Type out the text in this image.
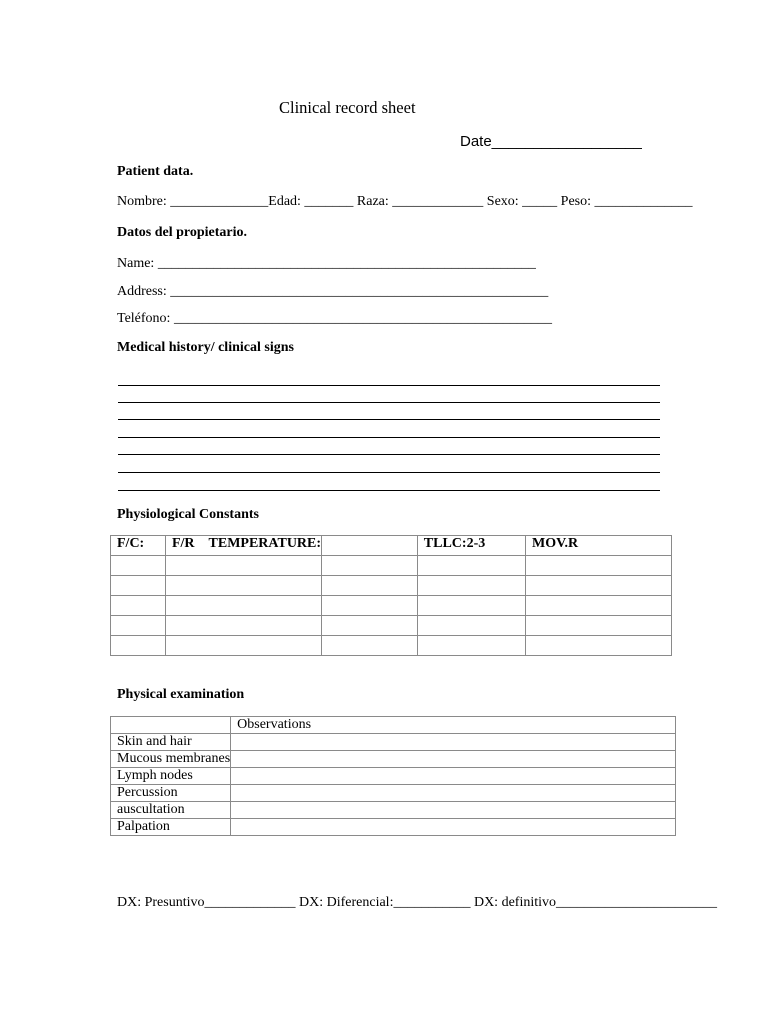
Clinical record sheet
Date__________________
Patient data.
Nombre: ______________Edad: _______ Raza: _____________ Sexo: _____ Peso: ______________
Datos del propietario.
Name: ______________________________________________________
Address: ______________________________________________________
Teléfono: ______________________________________________________
Medical history/ clinical signs
Physiological Constants
F/C:	F/R TEMPERATURE:		TLLC:2-3	MOV.R

Physical examination
	Observations
Skin and hair	
Mucous membranes	
Lymph nodes	
Percussion	
auscultation	
Palpation	
DX: Presuntivo_____________ DX: Diferencial:___________ DX: definitivo_______________________
